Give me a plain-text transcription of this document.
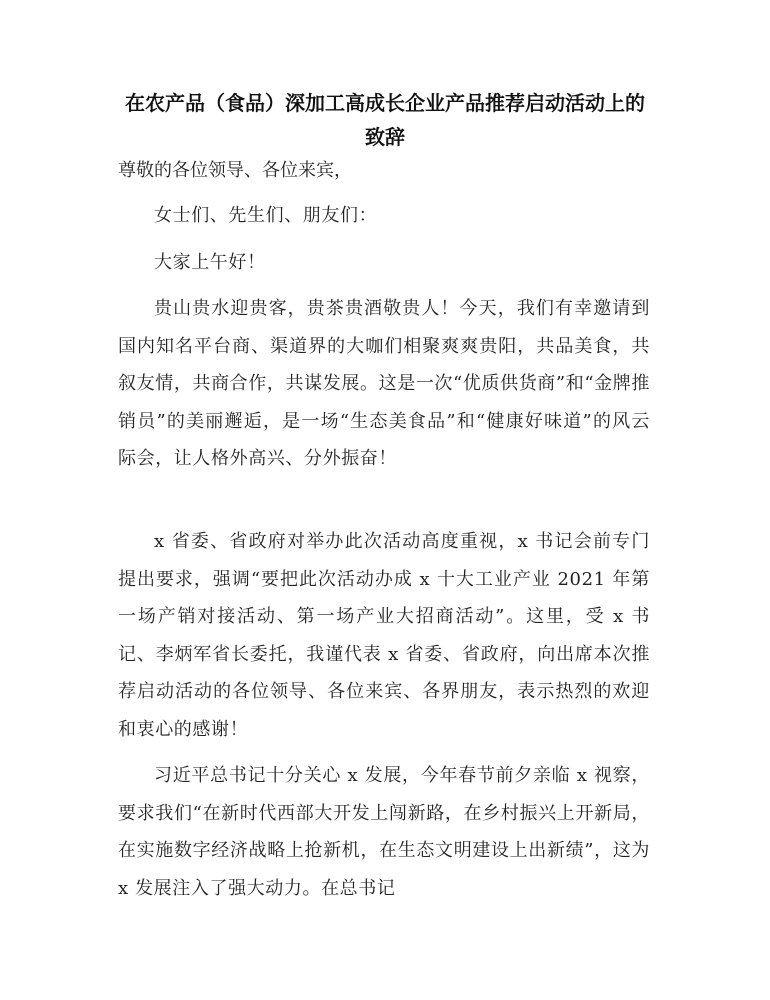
在农产品（食品）深加工高成长企业产品推荐启动活动上的致辞

尊敬的各位领导、各位来宾，

女士们、先生们、朋友们：

大家上午好！

贵山贵水迎贵客，贵茶贵酒敬贵人！今天，我们有幸邀请到国内知名平台商、渠道界的大咖们相聚爽爽贵阳，共品美食，共叙友情，共商合作，共谋发展。这是一次“优质供货商”和“金牌推销员”的美丽邂逅，是一场“生态美食品”和“健康好味道”的风云际会，让人格外高兴、分外振奋！

x 省委、省政府对举办此次活动高度重视，x 书记会前专门提出要求，强调“要把此次活动办成 x 十大工业产业 2021 年第一场产销对接活动、第一场产业大招商活动”。这里，受 x 书记、李炳军省长委托，我谨代表 x 省委、省政府，向出席本次推荐启动活动的各位领导、各位来宾、各界朋友，表示热烈的欢迎和衷心的感谢！

习近平总书记十分关心 x 发展，今年春节前夕亲临 x 视察，要求我们“在新时代西部大开发上闯新路，在乡村振兴上开新局，在实施数字经济战略上抢新机，在生态文明建设上出新绩”，这为 x 发展注入了强大动力。在总书记
